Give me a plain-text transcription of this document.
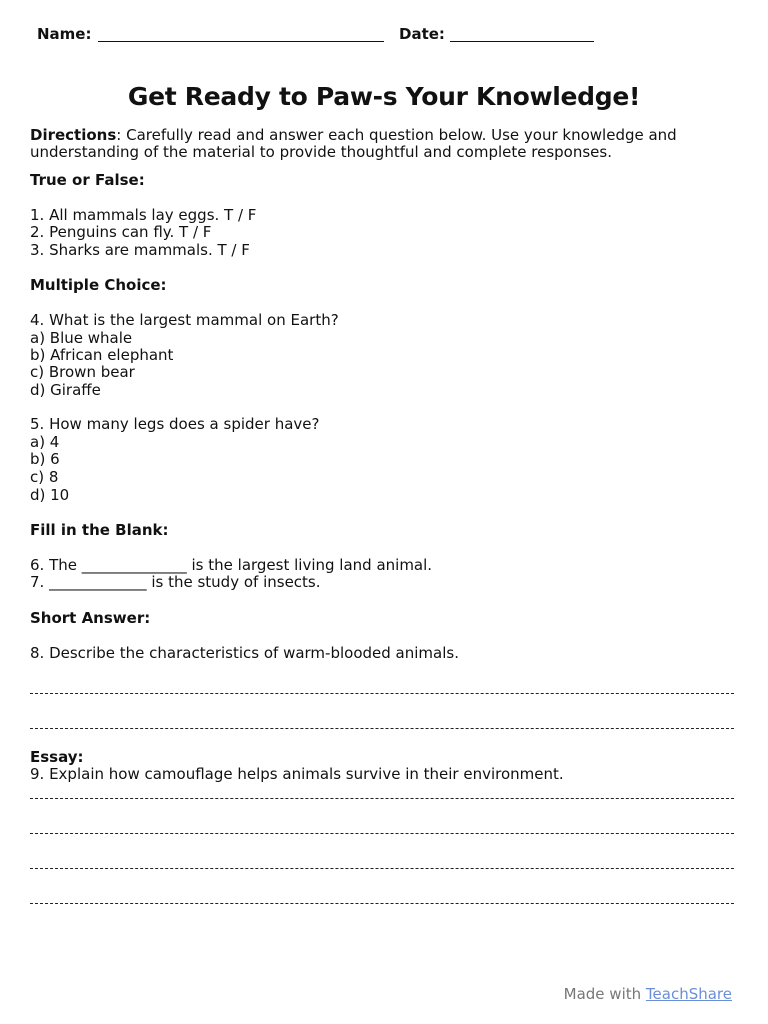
Name:	Date:
Get Ready to Paw-s Your Knowledge!
Directions: Carefully read and answer each question below. Use your knowledge and
understanding of the material to provide thoughtful and complete responses.
True or False:
1. All mammals lay eggs. T / F
2. Penguins can fly. T / F
3. Sharks are mammals. T / F
Multiple Choice:
4. What is the largest mammal on Earth?
a) Blue whale
b) African elephant
c) Brown bear
d) Giraffe
5. How many legs does a spider have?
a) 4
b) 6
c) 8
d) 10
Fill in the Blank:
6. The ______________ is the largest living land animal.
7. _____________ is the study of insects.
Short Answer:
8. Describe the characteristics of warm-blooded animals.
Essay:
9. Explain how camouflage helps animals survive in their environment.
Made with TeachShare
